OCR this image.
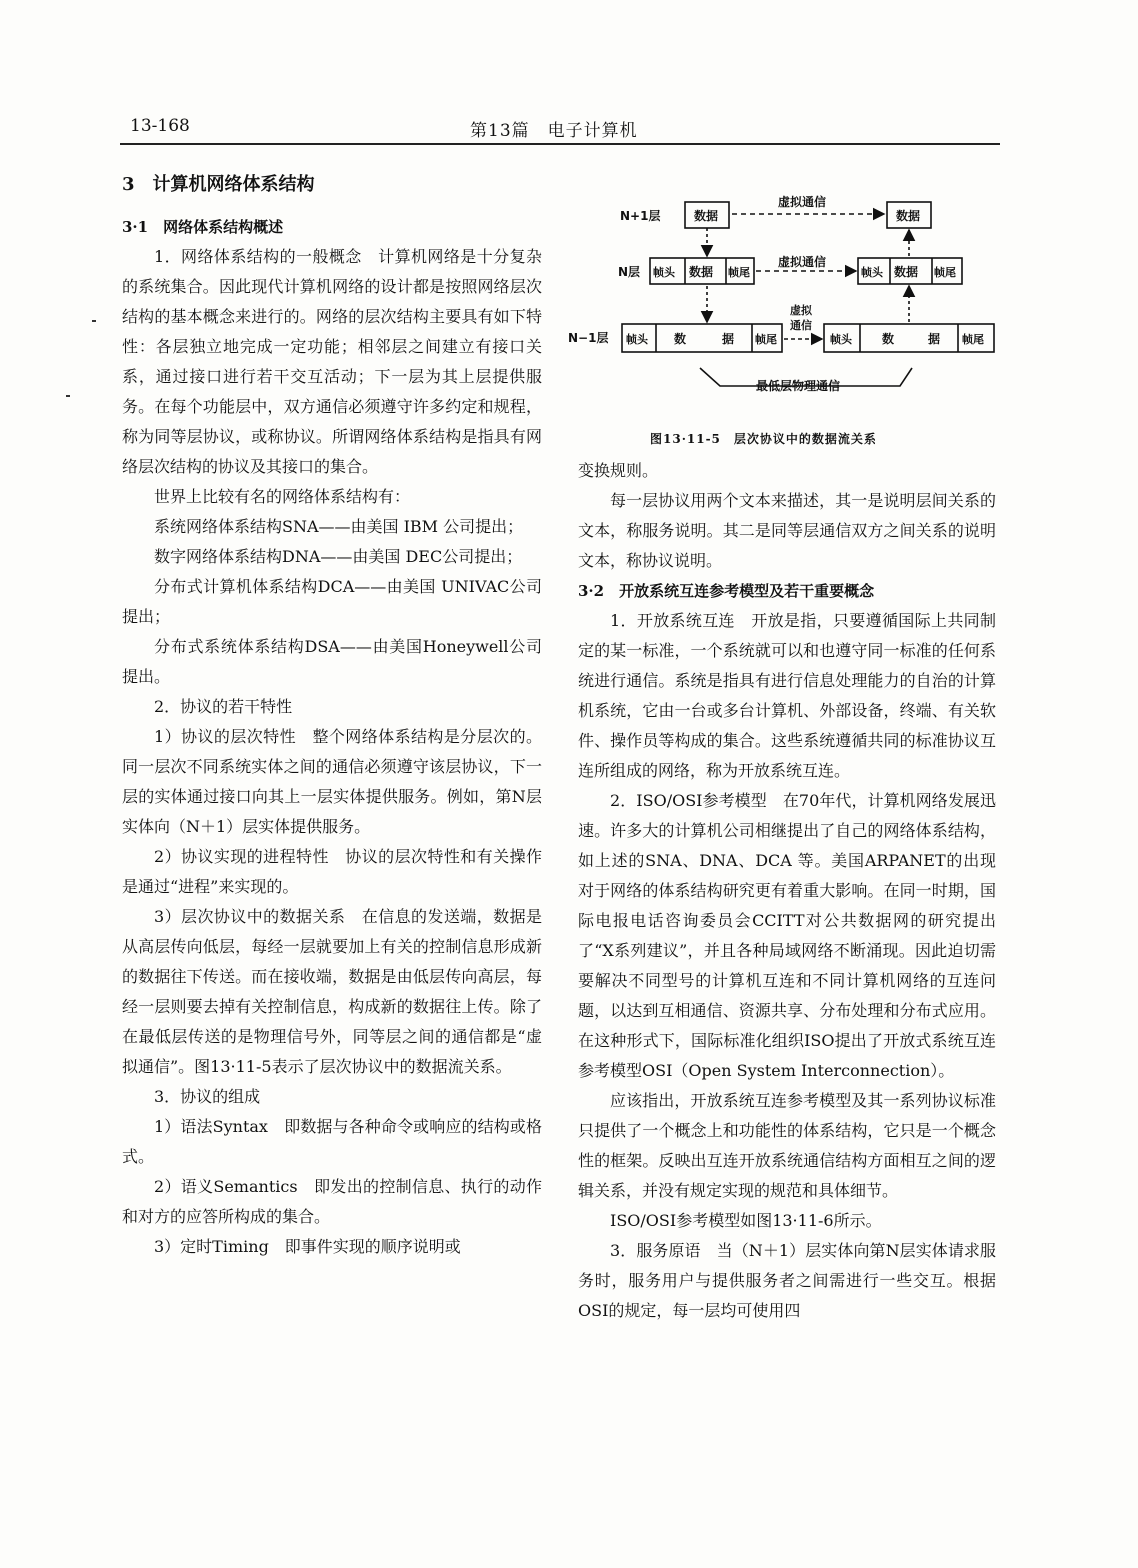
13-168	第13篇　电子计算机

3　计算机网络体系结构

3·1　网络体系结构概述

1．网络体系结构的一般概念　计算机网络是十分复杂的系统集合。因此现代计算机网络的设计都是按照网络层次结构的基本概念来进行的。网络的层次结构主要具有如下特性：各层独立地完成一定功能；相邻层之间建立有接口关系，通过接口进行若干交互活动；下一层为其上层提供服务。在每个功能层中，双方通信必须遵守许多约定和规程，称为同等层协议，或称协议。所谓网络体系结构是指具有网络层次结构的协议及其接口的集合。

世界上比较有名的网络体系结构有：

系统网络体系结构SNA——由美国 IBM 公司提出；

数字网络体系结构DNA——由美国 DEC公司提出；

分布式计算机体系结构DCA——由美国 UNIVAC公司提出；

分布式系统体系结构DSA——由美国Honeywell公司提出。

2．协议的若干特性

1）协议的层次特性　整个网络体系结构是分层次的。同一层次不同系统实体之间的通信必须遵守该层协议，下一层的实体通过接口向其上一层实体提供服务。例如，第N层实体向（N＋1）层实体提供服务。

2）协议实现的进程特性　协议的层次特性和有关操作是通过“进程”来实现的。

3）层次协议中的数据关系　在信息的发送端，数据是从高层传向低层，每经一层就要加上有关的控制信息形成新的数据往下传送。而在接收端，数据是由低层传向高层，每经一层则要去掉有关控制信息，构成新的数据往上传。除了在最低层传送的是物理信号外，同等层之间的通信都是“虚拟通信”。图13·11-5表示了层次协议中的数据流关系。

3．协议的组成

1）语法Syntax　即数据与各种命令或响应的结构或格式。

2）语义Semantics　即发出的控制信息、执行的动作和对方的应答所构成的集合。

3）定时Timing　即事件实现的顺序说明或

N+1层
N层
N−1层
数据	数据
帧头 数据 帧尾	帧头 数据 帧尾
帧头 数	据 帧尾	帧头	数	据 帧尾
虚拟通信
虚拟通信
虚拟
通信
最低层物理通信
图13·11-5　层次协议中的数据流关系

变换规则。

每一层协议用两个文本来描述，其一是说明层间关系的文本，称服务说明。其二是同等层通信双方之间关系的说明文本，称协议说明。

3·2　开放系统互连参考模型及若干重要概念

1．开放系统互连　开放是指，只要遵循国际上共同制定的某一标准，一个系统就可以和也遵守同一标准的任何系统进行通信。系统是指具有进行信息处理能力的自治的计算机系统，它由一台或多台计算机、外部设备，终端、有关软件、操作员等构成的集合。这些系统遵循共同的标准协议互连所组成的网络，称为开放系统互连。

2．ISO/OSI参考模型　在70年代，计算机网络发展迅速。许多大的计算机公司相继提出了自己的网络体系结构，如上述的SNA、DNA、DCA 等。美国ARPANET的出现对于网络的体系结构研究更有着重大影响。在同一时期，国际电报电话咨询委员会CCITT对公共数据网的研究提出了“X系列建议”，并且各种局域网络不断涌现。因此迫切需要解决不同型号的计算机互连和不同计算机网络的互连问题，以达到互相通信、资源共享、分布处理和分布式应用。在这种形式下，国际标准化组织ISO提出了开放式系统互连参考模型OSI（Open System Interconnection）。

应该指出，开放系统互连参考模型及其一系列协议标准只提供了一个概念上和功能性的体系结构，它只是一个概念性的框架。反映出互连开放系统通信结构方面相互之间的逻辑关系，并没有规定实现的规范和具体细节。

ISO/OSI参考模型如图13·11-6所示。

3．服务原语　当（N＋1）层实体向第N层实体请求服务时，服务用户与提供服务者之间需进行一些交互。根据OSI的规定，每一层均可使用四
